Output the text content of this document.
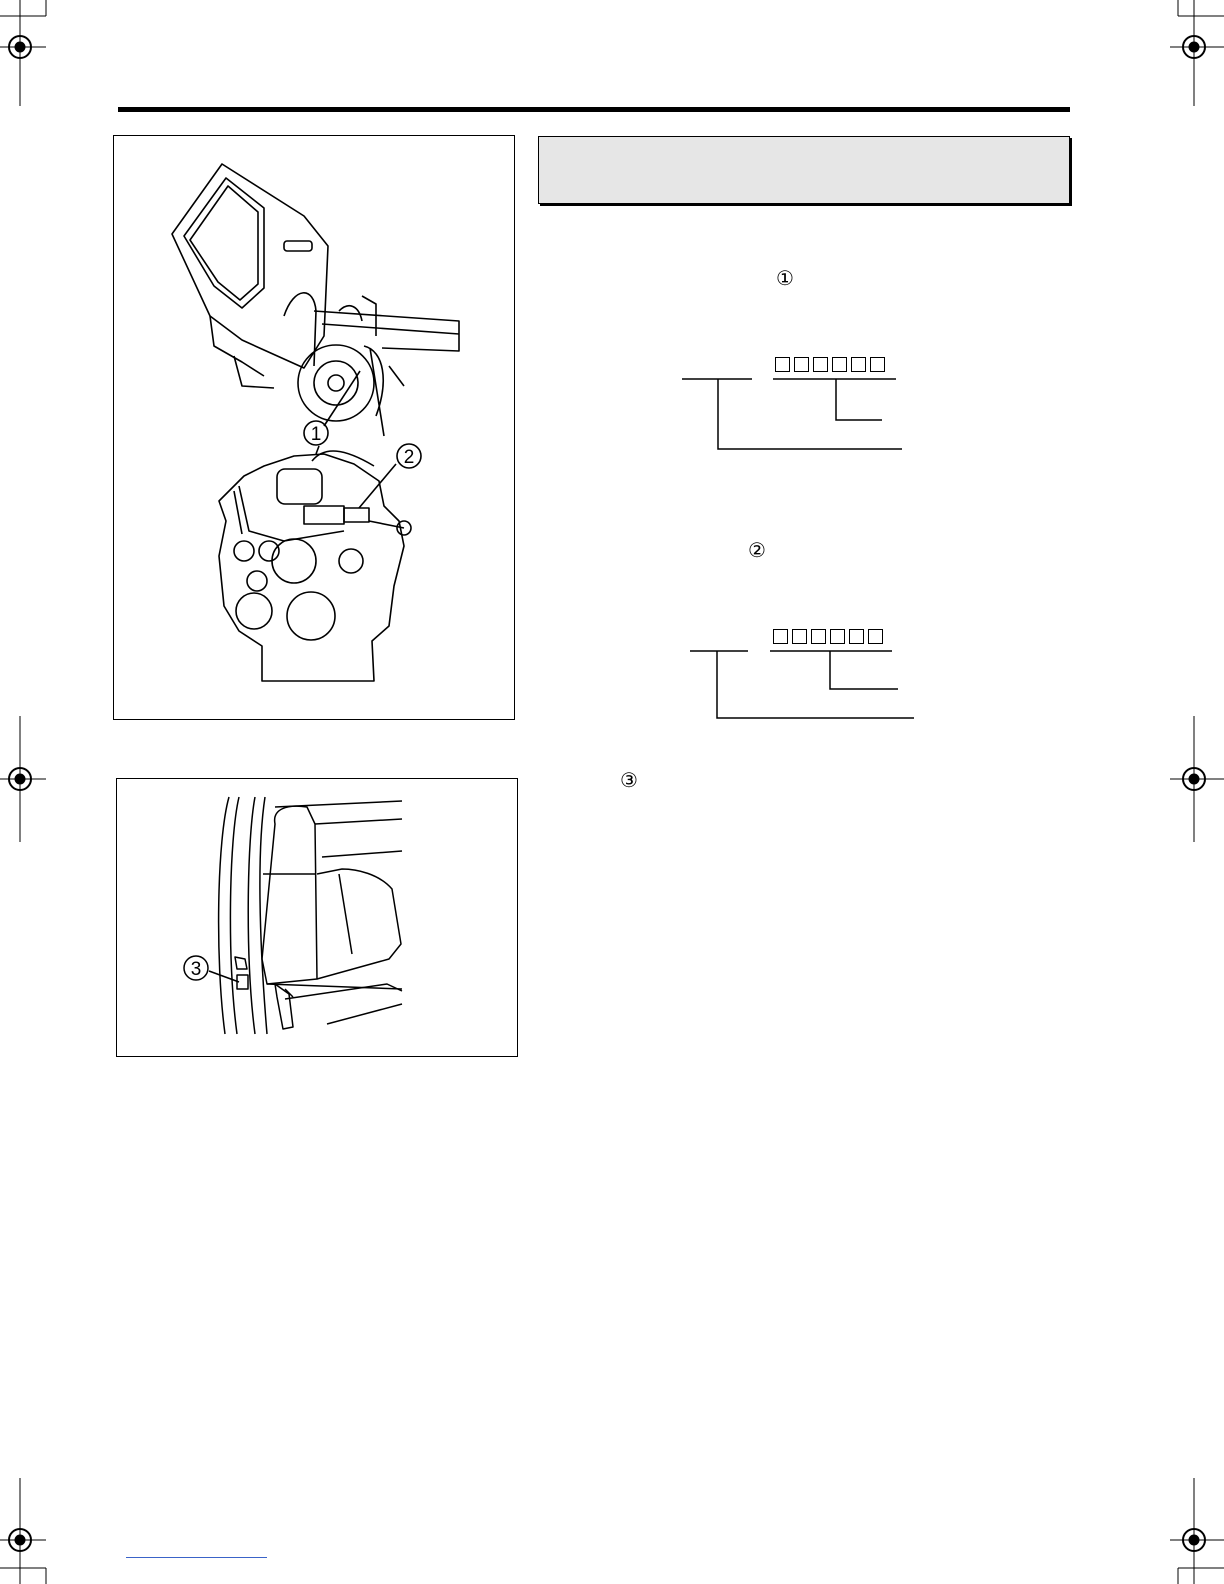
1
2
3
①
②
③
